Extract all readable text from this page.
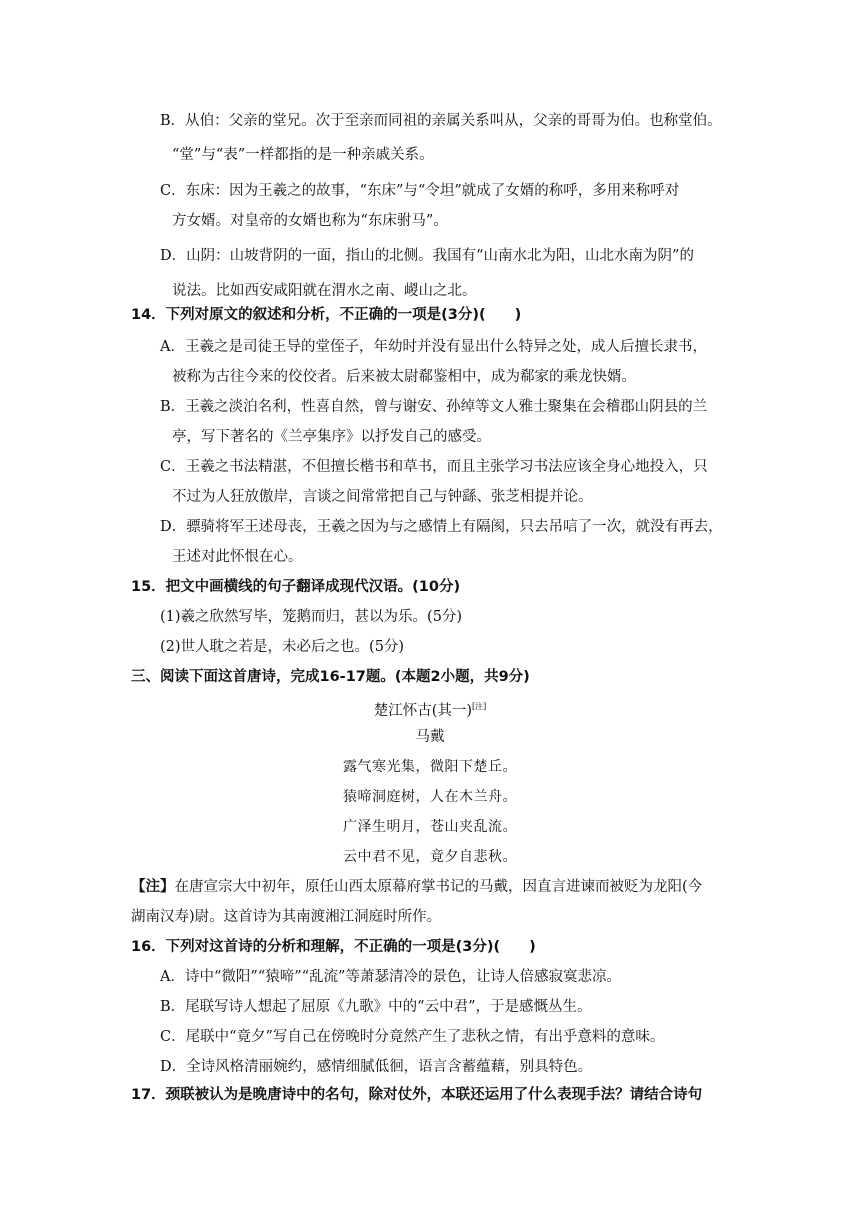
B．从伯：父亲的堂兄。次于至亲而同祖的亲属关系叫从，父亲的哥哥为伯。也称堂伯。
“堂”与“表”一样都指的是一种亲戚关系。
C．东床：因为王羲之的故事，“东床”与“令坦”就成了女婿的称呼，多用来称呼对
方女婿。对皇帝的女婿也称为“东床驸马”。
D．山阴：山坡背阴的一面，指山的北侧。我国有“山南水北为阳，山北水南为阴”的
说法。比如西安咸阳就在渭水之南、嵕山之北。
14．下列对原文的叙述和分析，不正确的一项是(3分)(　　)
A．王羲之是司徒王导的堂侄子，年幼时并没有显出什么特异之处，成人后擅长隶书，
被称为古往今来的佼佼者。后来被太尉郗鉴相中，成为郗家的乘龙快婿。
B．王羲之淡泊名利，性喜自然，曾与谢安、孙绰等文人雅士聚集在会稽郡山阴县的兰
亭，写下著名的《兰亭集序》以抒发自己的感受。
C．王羲之书法精湛，不但擅长楷书和草书，而且主张学习书法应该全身心地投入，只
不过为人狂放傲岸，言谈之间常常把自己与钟繇、张芝相提并论。
D．骠骑将军王述母丧，王羲之因为与之感情上有隔阂，只去吊唁了一次，就没有再去，
王述对此怀恨在心。
15．把文中画横线的句子翻译成现代汉语。(10分)
(1)羲之欣然写毕，笼鹅而归，甚以为乐。(5分)
(2)世人耽之若是，未必后之也。(5分)
三、阅读下面这首唐诗，完成16-17题。(本题2小题，共9分)
楚江怀古(其一)[注]
马戴
露气寒光集，微阳下楚丘。
猿啼洞庭树，人在木兰舟。
广泽生明月，苍山夹乱流。
云中君不见，竟夕自悲秋。
【注】在唐宣宗大中初年，原任山西太原幕府掌书记的马戴，因直言进谏而被贬为龙阳(今
湖南汉寿)尉。这首诗为其南渡湘江洞庭时所作。
16．下列对这首诗的分析和理解，不正确的一项是(3分)(　　)
A．诗中“微阳”“猿啼”“乱流”等萧瑟清冷的景色，让诗人倍感寂寞悲凉。
B．尾联写诗人想起了屈原《九歌》中的“云中君”，于是感慨丛生。
C．尾联中“竟夕”写自己在傍晚时分竟然产生了悲秋之情，有出乎意料的意味。
D．全诗风格清丽婉约，感情细腻低徊，语言含蓄蕴藉，别具特色。
17．颈联被认为是晚唐诗中的名句，除对仗外，本联还运用了什么表现手法？请结合诗句
